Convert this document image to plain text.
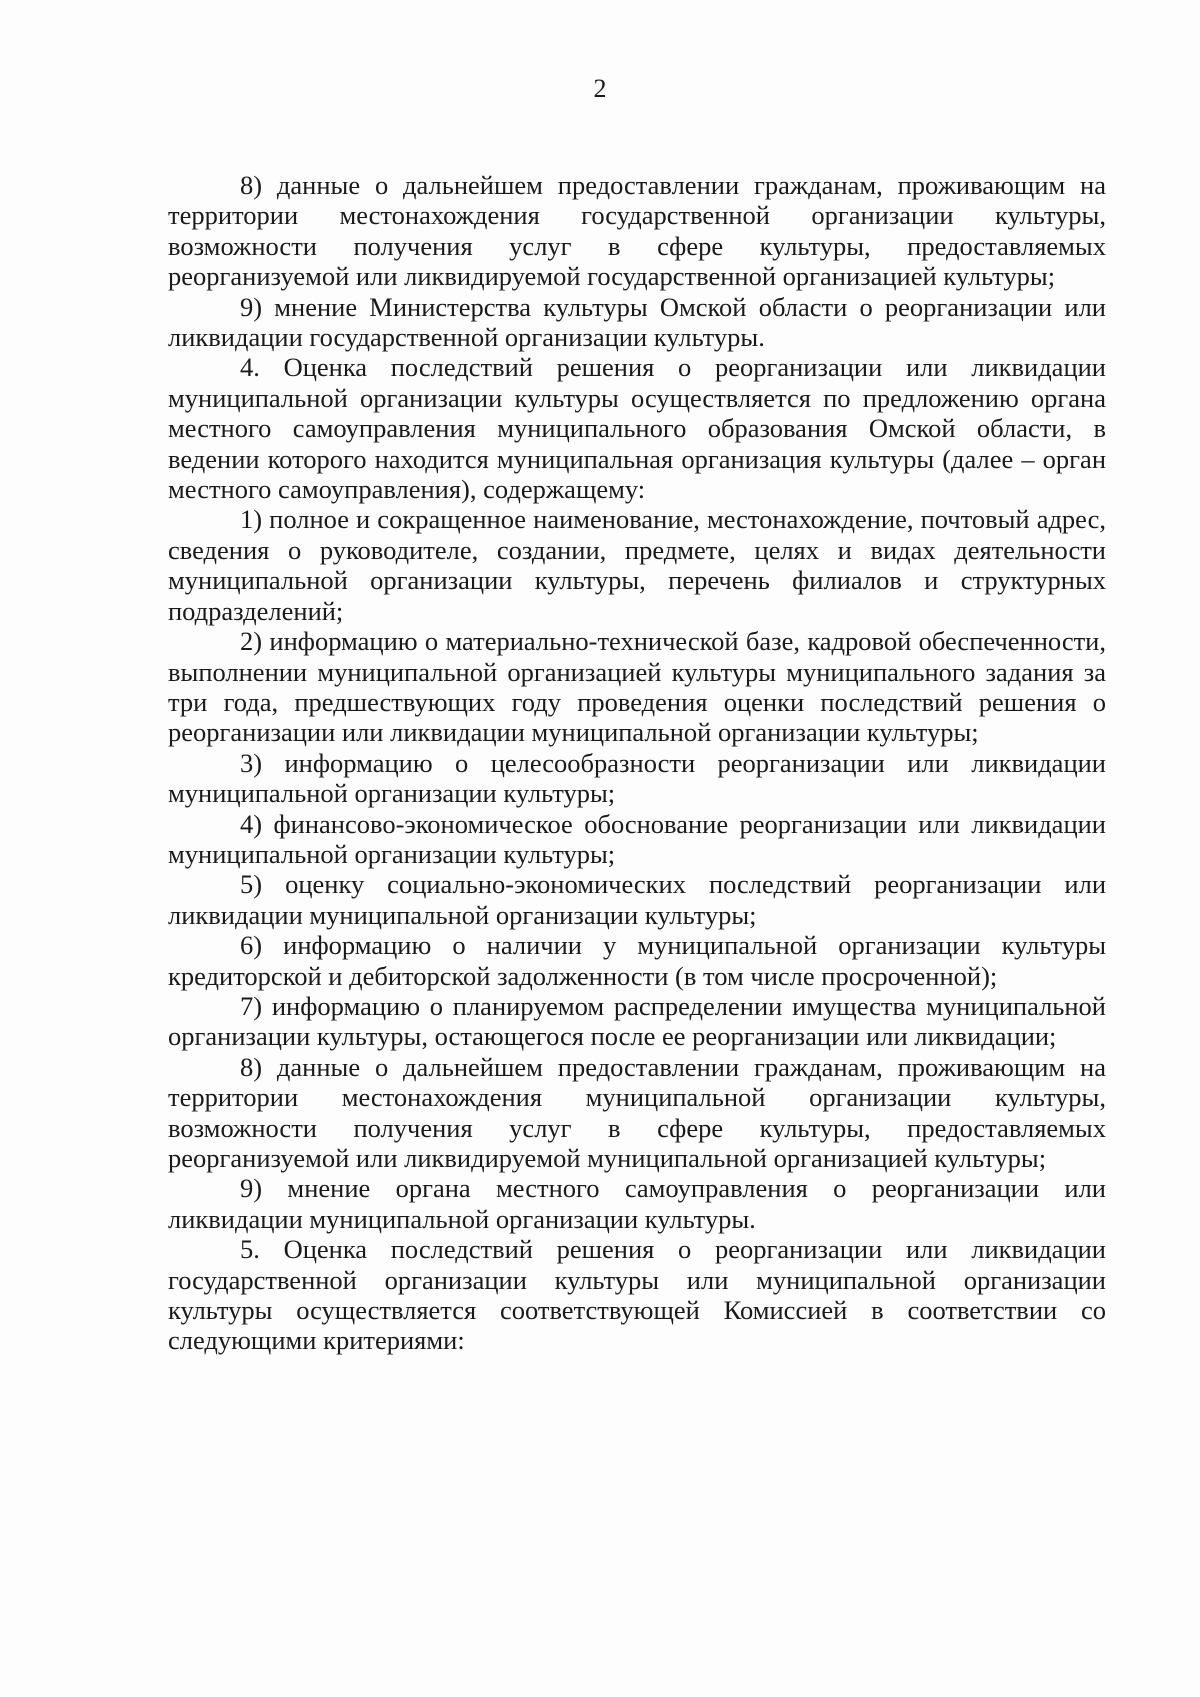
2

8) данные о дальнейшем предоставлении гражданам, проживающим на территории местонахождения государственной организации культуры, возможности получения услуг в сфере культуры, предоставляемых реорганизуемой или ликвидируемой государственной организацией культуры;

9) мнение Министерства культуры Омской области о реорганизации или ликвидации государственной организации культуры.

4. Оценка последствий решения о реорганизации или ликвидации муниципальной организации культуры осуществляется по предложению органа местного самоуправления муниципального образования Омской области, в ведении которого находится муниципальная организация культуры (далее – орган местного самоуправления), содержащему:

1) полное и сокращенное наименование, местонахождение, почтовый адрес, сведения о руководителе, создании, предмете, целях и видах деятельности муниципальной организации культуры, перечень филиалов и структурных подразделений;

2) информацию о материально-технической базе, кадровой обеспеченности, выполнении муниципальной организацией культуры муниципального задания за три года, предшествующих году проведения оценки последствий решения о реорганизации или ликвидации муниципальной организации культуры;

3) информацию о целесообразности реорганизации или ликвидации муниципальной организации культуры;

4) финансово-экономическое обоснование реорганизации или ликвидации муниципальной организации культуры;

5) оценку социально-экономических последствий реорганизации или ликвидации муниципальной организации культуры;

6) информацию о наличии у муниципальной организации культуры кредиторской и дебиторской задолженности (в том числе просроченной);

7) информацию о планируемом распределении имущества муниципальной организации культуры, остающегося после ее реорганизации или ликвидации;

8) данные о дальнейшем предоставлении гражданам, проживающим на территории местонахождения муниципальной организации культуры, возможности получения услуг в сфере культуры, предоставляемых реорганизуемой или ликвидируемой муниципальной организацией культуры;

9) мнение органа местного самоуправления о реорганизации или ликвидации муниципальной организации культуры.

5. Оценка последствий решения о реорганизации или ликвидации государственной организации культуры или муниципальной организации культуры осуществляется соответствующей Комиссией в соответствии со следующими критериями:
